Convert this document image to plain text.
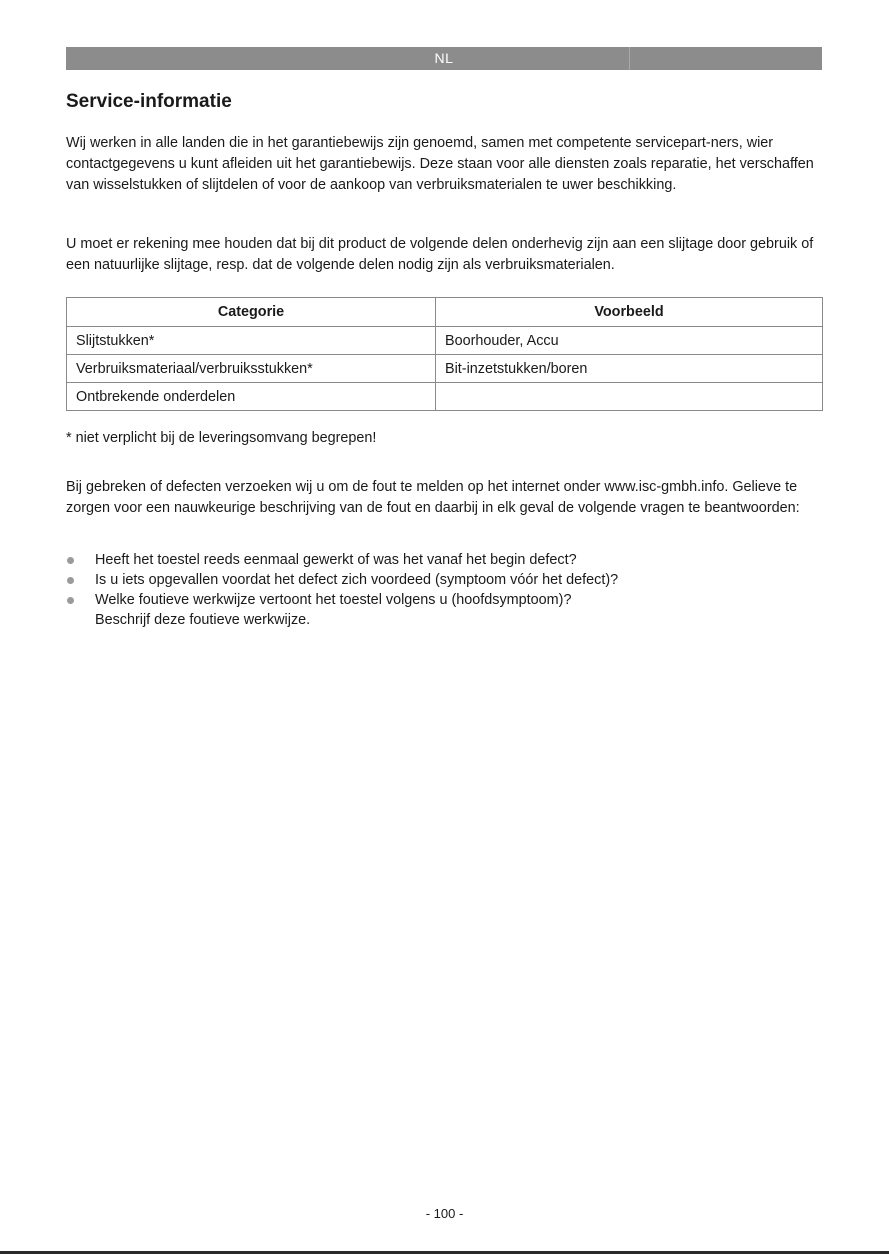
NL
Service-informatie

Wij werken in alle landen die in het garantiebewijs zijn genoemd, samen met competente servicepart-ners, wier contactgegevens u kunt afleiden uit het garantiebewijs. Deze staan voor alle diensten zoals reparatie, het verschaffen van wisselstukken of slijtdelen of voor de aankoop van verbruiksmaterialen te uwer beschikking.

U moet er rekening mee houden dat bij dit product de volgende delen onderhevig zijn aan een slijtage door gebruik of een natuurlijke slijtage, resp. dat de volgende delen nodig zijn als verbruiksmaterialen.

Categorie	Voorbeeld
Slijtstukken*	Boorhouder, Accu
Verbruiksmateriaal/verbruiksstukken*	Bit-inzetstukken/boren
Ontbrekende onderdelen	

* niet verplicht bij de leveringsomvang begrepen!

Bij gebreken of defecten verzoeken wij u om de fout te melden op het internet onder www.isc-gmbh.info. Gelieve te zorgen voor een nauwkeurige beschrijving van de fout en daarbij in elk geval de volgende vragen te beantwoorden:

Heeft het toestel reeds eenmaal gewerkt of was het vanaf het begin defect?
Is u iets opgevallen voordat het defect zich voordeed (symptoom vóór het defect)?
Welke foutieve werkwijze vertoont het toestel volgens u (hoofdsymptoom)?
Beschrijf deze foutieve werkwijze.
- 100 -
